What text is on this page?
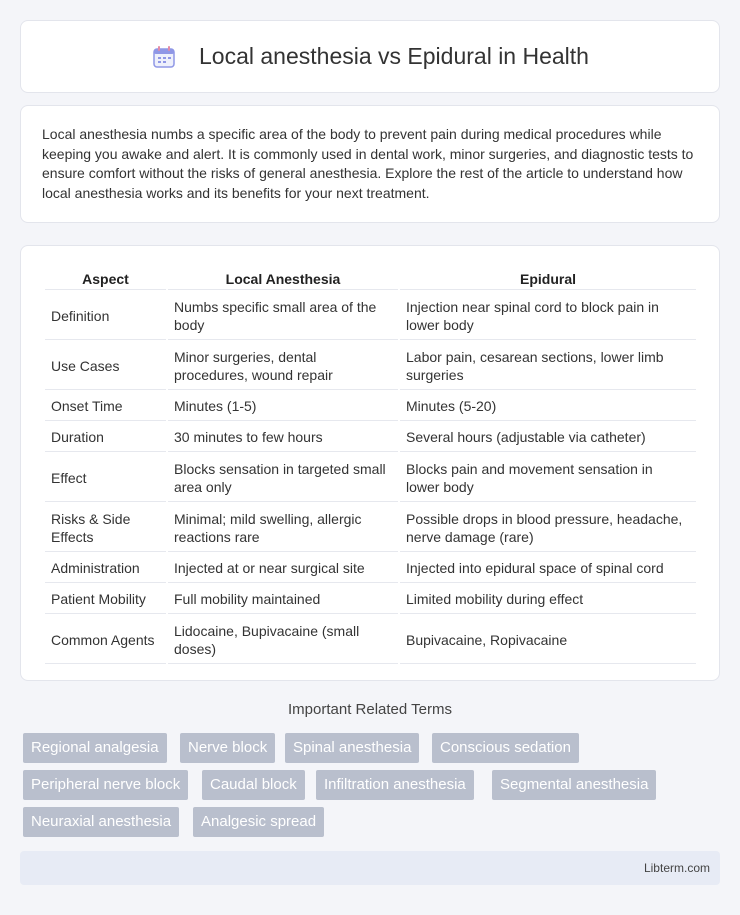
Local anesthesia vs Epidural in Health

Local anesthesia numbs a specific area of the body to prevent pain during medical procedures while keeping you awake and alert. It is commonly used in dental work, minor surgeries, and diagnostic tests to ensure comfort without the risks of general anesthesia. Explore the rest of the article to understand how local anesthesia works and its benefits for your next treatment.

Aspect	Local Anesthesia	Epidural
Definition	Numbs specific small area of the body	Injection near spinal cord to block pain in lower body
Use Cases	Minor surgeries, dental procedures, wound repair	Labor pain, cesarean sections, lower limb surgeries
Onset Time	Minutes (1-5)	Minutes (5-20)
Duration	30 minutes to few hours	Several hours (adjustable via catheter)
Effect	Blocks sensation in targeted small area only	Blocks pain and movement sensation in lower body
Risks & Side Effects	Minimal; mild swelling, allergic reactions rare	Possible drops in blood pressure, headache, nerve damage (rare)
Administration	Injected at or near surgical site	Injected into epidural space of spinal cord
Patient Mobility	Full mobility maintained	Limited mobility during effect
Common Agents	Lidocaine, Bupivacaine (small doses)	Bupivacaine, Ropivacaine
Important Related Terms
Regional analgesia	Nerve block	Spinal anesthesia	Conscious sedation
Peripheral nerve block	Caudal block	Infiltration anesthesia	Segmental anesthesia
Neuraxial anesthesia	Analgesic spread
Libterm.com
